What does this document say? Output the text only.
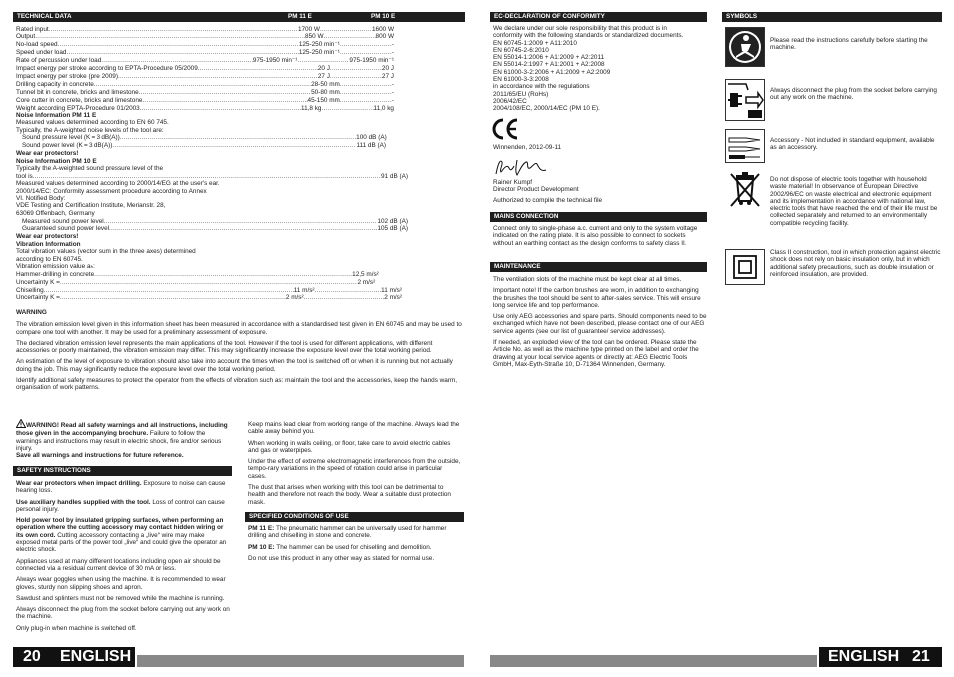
TECHNICAL DATA	PM 11 E	PM 10 E
Rated input .....	1700 W .....	1600 W
Output .....	850 W .....	800 W
No-load speed .....	125-250 min⁻¹ .....	-
Speed under load .....	125-250 min⁻¹ .....	-
Rate of percussion under load .....	975-1950 min⁻¹ .....	975-1950 min⁻¹
Impact energy per stroke according to EPTA-Procedure 05/2009 .....	20 J .....	20 J
Impact energy per stroke (pre 2009) .....	27 J .....	27 J
Drilling capacity in concrete .....	28-50 mm .....	-
Tunnel bit in concrete, bricks and limestone .....	50-80 mm .....	-
Core cutter in concrete, bricks and limestone .....	45-150 mm .....	-
Weight according EPTA-Procedure 01/2003 .....	11,8 kg .....	11,0 kg
Noise Information PM 11 E
Measured values determined according to EN 60 745.
Typically, the A-weighted noise levels of the tool are:
Sound pressure level (K = 3 dB(A)) .....	100 dB (A)
Sound power level (K = 3 dB(A)) .....	111 dB (A)
Wear ear protectors!
Noise Information PM 10 E
Typically the A-weighted sound pressure level of the
tool is .....	91 dB (A)
Measured values determined according to 2000/14/EG at the user's ear.
2000/14/EC: Conformity assessment procedure according to Annex
VI. Notified Body:
VDE Testing and Certification Institute, Merianstr. 28,
63069 Offenbach, Germany
Measured sound power level .....	102 dB (A)
Guaranteed sound power level .....	105 dB (A)
Wear ear protectors!
Vibration Information
Total vibration values (vector sum in the three axes) determined
according to EN 60745.
Vibration emission value aₕ:
Hammer-drilling in concrete .....	12,5 m/s²
Uncertainty K = .....	2 m/s²
Chiselling .....	11 m/s² .....	11 m/s²
Uncertainty K = .....	2 m/s² .....	2 m/s²
WARNING

The vibration emission level given in this information sheet has been measured in accordance with a standardised test given in EN 60745 and may be used to compare one tool with another. It may be used for a preliminary assessment of exposure.

The declared vibration emission level represents the main applications of the tool. However if the tool is used for different applications, with different accessories or poorly maintained, the vibration emission may differ. This may significantly increase the exposure level over the total working period.

An estimation of the level of exposure to vibration should also take into account the times when the tool is switched off or when it is running but not actually doing the job. This may significantly reduce the exposure level over the total working period.

Identify additional safety measures to protect the operator from the effects of vibration such as: maintain the tool and the accessories, keep the hands warm, organisation of work patterns.

WARNING! Read all safety warnings and all instructions, including those given in the accompanying brochure. Failure to follow the warnings and instructions may result in electric shock, fire and/or serious injury.
Save all warnings and instructions for future reference.

SAFETY INSTRUCTIONS

Wear ear protectors when impact drilling. Exposure to noise can cause hearing loss.

Use auxiliary handles supplied with the tool. Loss of control can cause personal injury.

Hold power tool by insulated gripping surfaces, when performing an operation where the cutting accessory may contact hidden wiring or its own cord. Cutting accessory contacting a „live“ wire may make exposed metal parts of the power tool „live“ and could give the operator an electric shock.

Appliances used at many different locations including open air should be connected via a residual current device of 30 mA or less.

Always wear goggles when using the machine. It is recommended to wear gloves, sturdy non slipping shoes and apron.

Sawdust and splinters must not be removed while the machine is running.

Always disconnect the plug from the socket before carrying out any work on the machine.

Only plug-in when machine is switched off.

Keep mains lead clear from working range of the machine. Always lead the cable away behind you.

When working in walls ceiling, or floor, take care to avoid electric cables and gas or waterpipes.

Under the effect of extreme electromagnetic interferences from the outside, tempo-rary variations in the speed of rotation could arise in particular cases.

The dust that arises when working with this tool can be detrimental to health and therefore not reach the body. Wear a suitable dust protection mask.

SPECIFIED CONDITIONS OF USE

PM 11 E: The pneumatic hammer can be universally used for hammer drilling and chiselling in stone and concrete.

PM 10 E: The hammer can be used for chiselling and demolition.

Do not use this product in any other way as stated for normal use.

20 ENGLISH
EC-DECLARATION OF CONFORMITY
We declare under our sole responsibility that this product is in
conformity with the following standards or standardized documents.
EN 60745-1:2009 + A11:2010
EN 60745-2-6:2010
EN 55014-1:2006 + A1:2009 + A2:2011
EN 55014-2:1997 + A1:2001 + A2:2008
EN 61000-3-2:2006 + A1:2009 + A2:2009
EN 61000-3-3:2008
in accordance with the regulations
2011/65/EU (RoHs)
2006/42/EC
2004/108/EC, 2000/14/EC (PM 10 E).
Winnenden, 2012-09-11
Rainer Kumpf
Director Product Development
Authorized to compile the technical file
MAINS CONNECTION

Connect only to single-phase a.c. current and only to the system voltage indicated on the rating plate. It is also possible to connect to sockets without an earthing contact as the design conforms to safety class II.

MAINTENANCE

The ventilation slots of the machine must be kept clear at all times.

Important note! If the carbon brushes are worn, in addition to exchanging the brushes the tool should be sent to after-sales service. This will ensure long service life and top performance.

Use only AEG accessories and spare parts. Should components need to be exchanged which have not been described, please contact one of our AEG service agents (see our list of guarantee/ service addresses).

If needed, an exploded view of the tool can be ordered. Please state the Article No. as well as the machine type printed on the label and order the drawing at your local service agents or directly at: AEG Electric Tools GmbH, Max-Eyth-Straße 10, D-71364 Winnenden, Germany.

SYMBOLS
Please read the instructions carefully before starting the machine.
Always disconnect the plug from the socket before carrying out any work on the machine.
Accessory - Not included in standard equipment, available as an accessory.
Do not dispose of electric tools together with household waste material! In observance of European Directive 2002/96/EC on waste electrical and electronic equipment and its implementation in accordance with national law, electric tools that have reached the end of their life must be collected separately and returned to an environmentally compatible recycling facility.
Class II construction, tool in which protection against electric shock does not rely on basic insulation only, but in which additional safety precautions, such as double insulation or reinforced insulation, are provided.
ENGLISH 21
